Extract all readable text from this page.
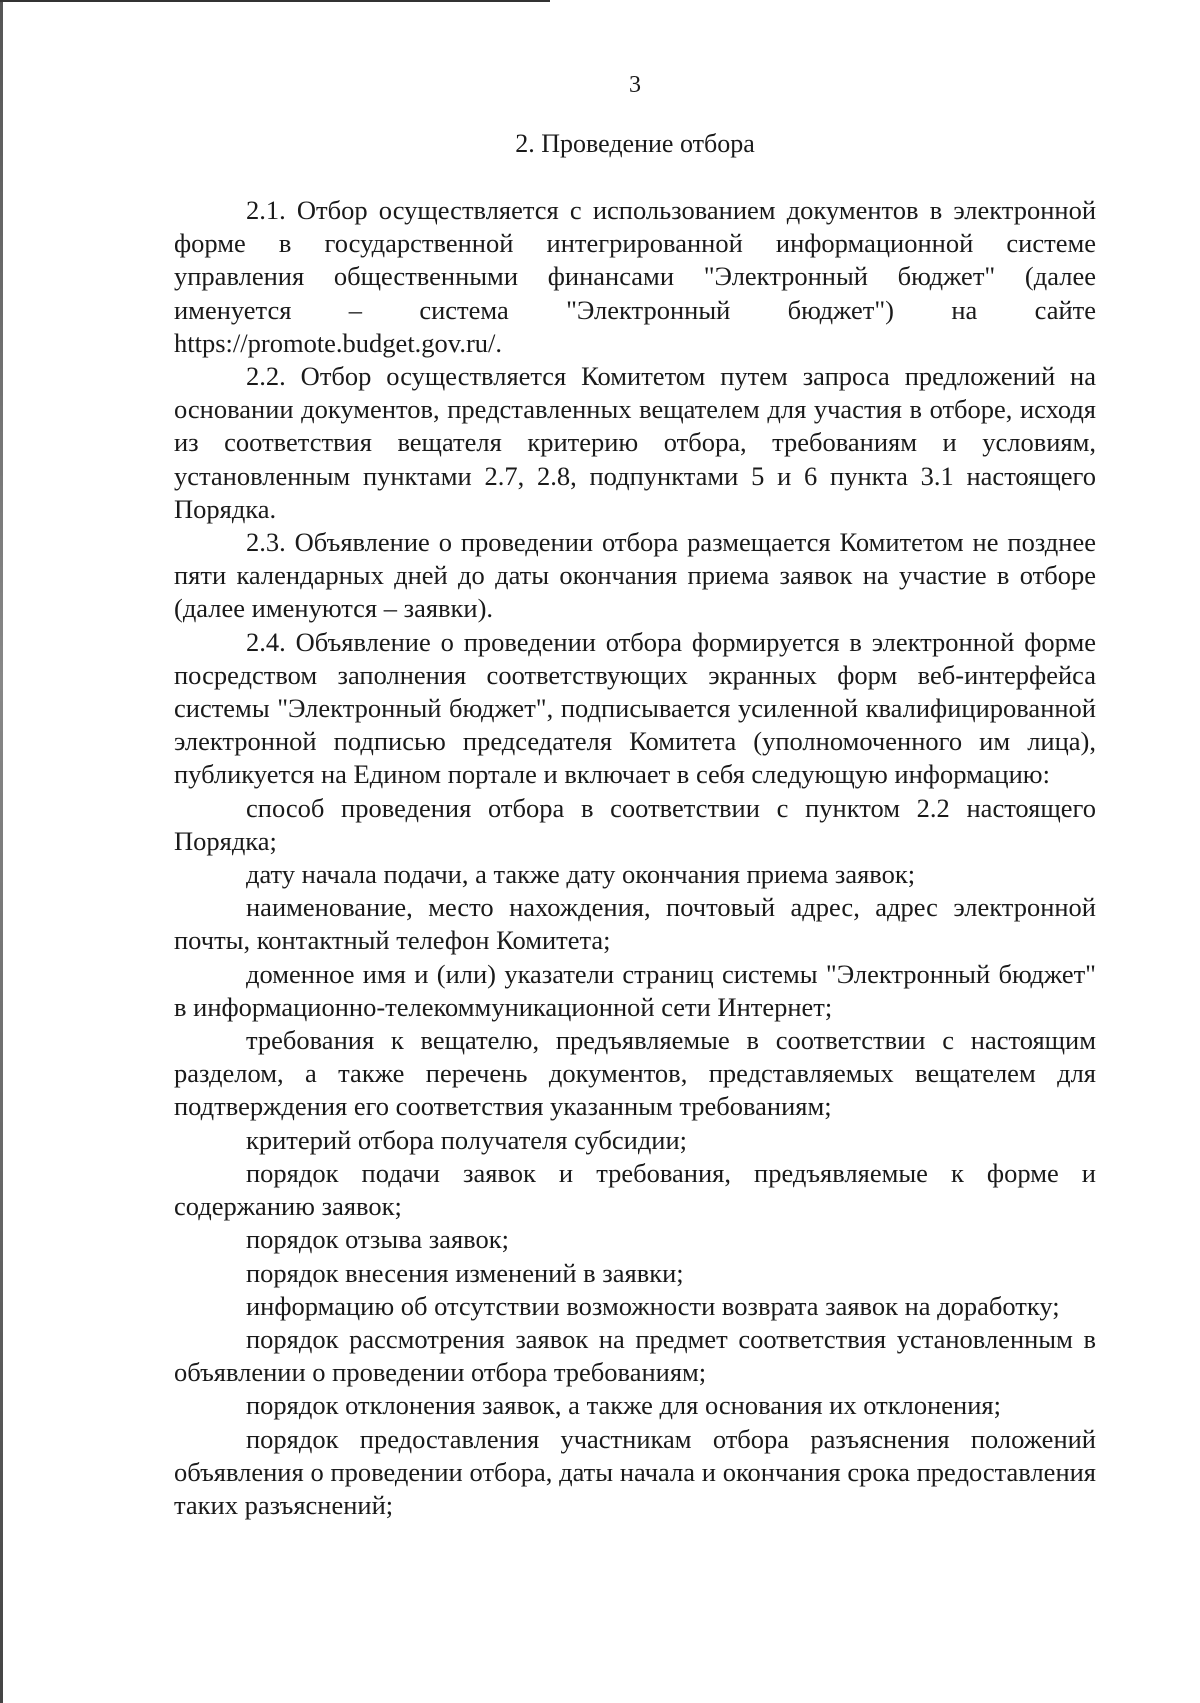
3
2. Проведение отбора

2.1. Отбор осуществляется с использованием документов в электронной форме в государственной интегрированной информационной системе управления общественными финансами "Электронный бюджет" (далее именуется – система "Электронный бюджет") на сайте https://promote.budget.gov.ru/.

2.2. Отбор осуществляется Комитетом путем запроса предложений на основании документов, представленных вещателем для участия в отборе, исходя из соответствия вещателя критерию отбора, требованиям и условиям, установленным пунктами 2.7, 2.8, подпунктами 5 и 6 пункта 3.1 настоящего Порядка.

2.3. Объявление о проведении отбора размещается Комитетом не позднее пяти календарных дней до даты окончания приема заявок на участие в отборе (далее именуются – заявки).

2.4. Объявление о проведении отбора формируется в электронной форме посредством заполнения соответствующих экранных форм веб-интерфейса системы "Электронный бюджет", подписывается усиленной квалифицированной электронной подписью председателя Комитета (уполномоченного им лица), публикуется на Едином портале и включает в себя следующую информацию:

способ проведения отбора в соответствии с пунктом 2.2 настоящего Порядка;

дату начала подачи, а также дату окончания приема заявок;

наименование, место нахождения, почтовый адрес, адрес электронной почты, контактный телефон Комитета;

доменное имя и (или) указатели страниц системы "Электронный бюджет" в информационно-телекоммуникационной сети Интернет;

требования к вещателю, предъявляемые в соответствии с настоящим разделом, а также перечень документов, представляемых вещателем для подтверждения его соответствия указанным требованиям;

критерий отбора получателя субсидии;

порядок подачи заявок и требования, предъявляемые к форме и содержанию заявок;

порядок отзыва заявок;

порядок внесения изменений в заявки;

информацию об отсутствии возможности возврата заявок на доработку;

порядок рассмотрения заявок на предмет соответствия установленным в объявлении о проведении отбора требованиям;

порядок отклонения заявок, а также для основания их отклонения;

порядок предоставления участникам отбора разъяснения положений объявления о проведении отбора, даты начала и окончания срока предоставления таких разъяснений;
